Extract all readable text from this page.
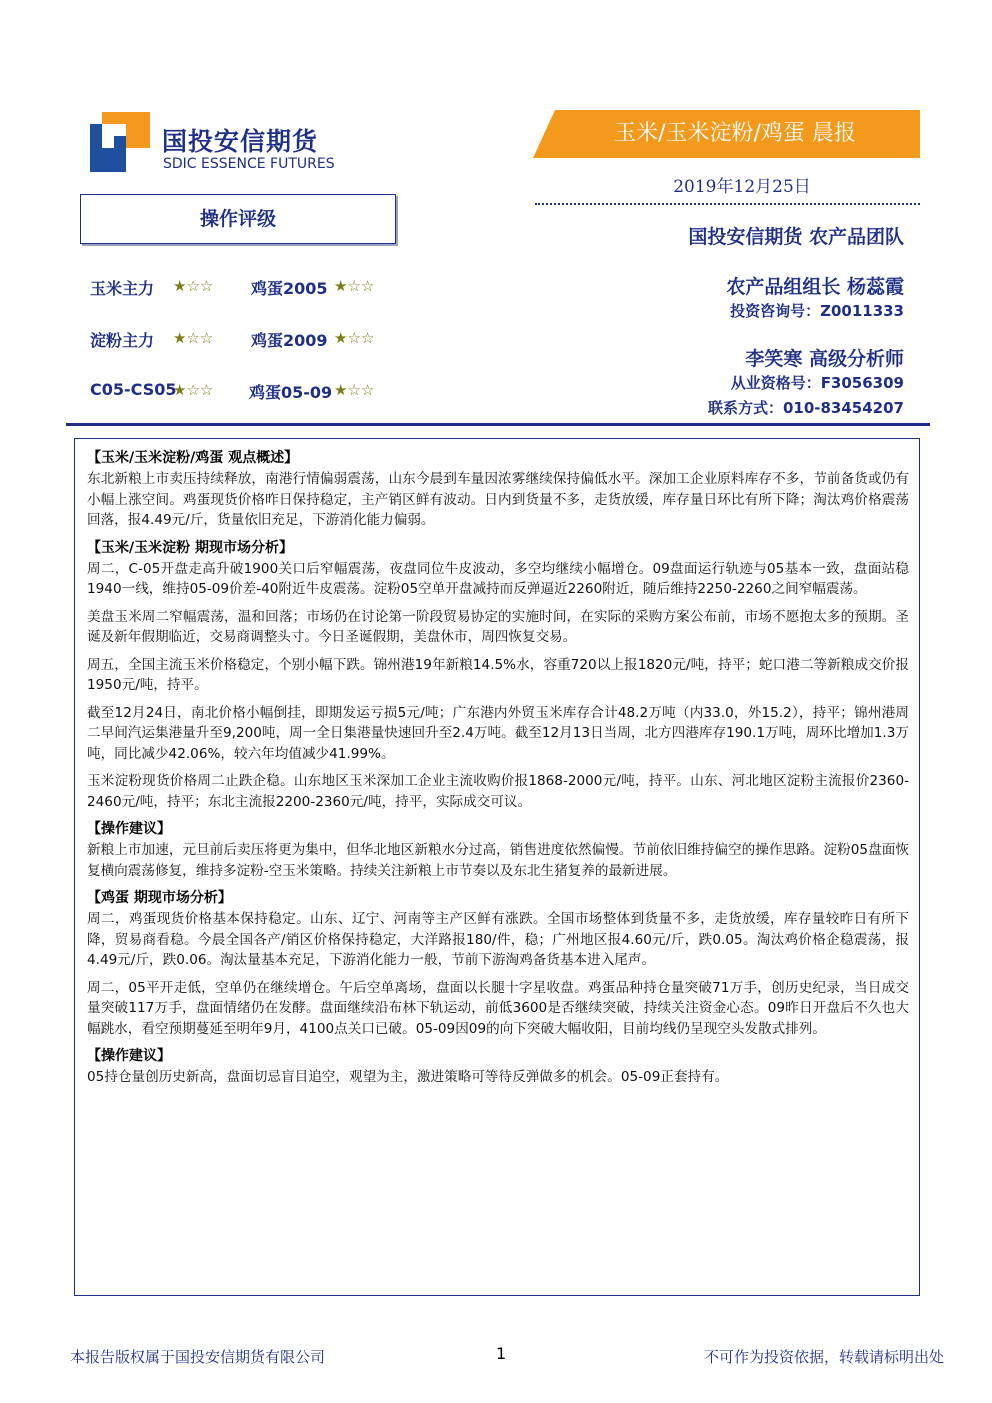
国投安信期货
SDIC ESSENCE FUTURES
玉米/玉米淀粉/鸡蛋 晨报
2019年12月25日
国投安信期货 农产品团队
农产品组组长 杨蕊霞
投资咨询号：Z0011333
李笑寒 高级分析师
从业资格号：F3056309
联系方式：010-83454207
操作评级
玉米主力 ★☆☆ 鸡蛋2005 ★☆☆
淀粉主力 ★☆☆ 鸡蛋2009 ★☆☆
C05-CS05
★☆☆ 鸡蛋05-09 ★☆☆
【玉米/玉米淀粉/鸡蛋 观点概述】

东北新粮上市卖压持续释放，南港行情偏弱震荡，山东今晨到车量因浓雾继续保持偏低水平。深加工企业原料库存不多，节前备货或仍有小幅上涨空间。鸡蛋现货价格昨日保持稳定，主产销区鲜有波动。日内到货量不多，走货放缓，库存量日环比有所下降；淘汰鸡价格震荡回落，报4.49元/斤，货量依旧充足，下游消化能力偏弱。

【玉米/玉米淀粉 期现市场分析】

周二，C-05开盘走高升破1900关口后窄幅震荡，夜盘同位牛皮波动，多空均继续小幅增仓。09盘面运行轨迹与05基本一致，盘面站稳1940一线，维持05-09价差-40附近牛皮震荡。淀粉05空单开盘减持而反弹逼近2260附近，随后维持2250-2260之间窄幅震荡。

美盘玉米周二窄幅震荡，温和回落；市场仍在讨论第一阶段贸易协定的实施时间，在实际的采购方案公布前，市场不愿抱太多的预期。圣诞及新年假期临近，交易商调整头寸。今日圣诞假期，美盘休市，周四恢复交易。

周五，全国主流玉米价格稳定，个别小幅下跌。锦州港19年新粮14.5%水，容重720以上报1820元/吨，持平；蛇口港二等新粮成交价报1950元/吨，持平。

截至12月24日，南北价格小幅倒挂，即期发运亏损5元/吨；广东港内外贸玉米库存合计48.2万吨（内33.0，外15.2），持平；锦州港周二早间汽运集港量升至9,200吨，周一全日集港量快速回升至2.4万吨。截至12月13日当周，北方四港库存190.1万吨，周环比增加1.3万吨，同比减少42.06%，较六年均值减少41.99%。

玉米淀粉现货价格周二止跌企稳。山东地区玉米深加工企业主流收购价报1868-2000元/吨，持平。山东、河北地区淀粉主流报价2360-2460元/吨，持平；东北主流报2200-2360元/吨，持平，实际成交可议。

【操作建议】

新粮上市加速，元旦前后卖压将更为集中，但华北地区新粮水分过高，销售进度依然偏慢。节前依旧维持偏空的操作思路。淀粉05盘面恢复横向震荡修复，维持多淀粉-空玉米策略。持续关注新粮上市节奏以及东北生猪复养的最新进展。

【鸡蛋 期现市场分析】

周二，鸡蛋现货价格基本保持稳定。山东、辽宁、河南等主产区鲜有涨跌。全国市场整体到货量不多，走货放缓，库存量较昨日有所下降，贸易商看稳。今晨全国各产/销区价格保持稳定，大洋路报180/件，稳；广州地区报4.60元/斤，跌0.05。淘汰鸡价格企稳震荡，报4.49元/斤，跌0.06。淘汰量基本充足，下游消化能力一般，节前下游淘鸡备货基本进入尾声。

周二，05平开走低，空单仍在继续增仓。午后空单离场，盘面以长腿十字星收盘。鸡蛋品种持仓量突破71万手，创历史纪录，当日成交量突破117万手，盘面情绪仍在发酵。盘面继续沿布林下轨运动，前低3600是否继续突破，持续关注资金心态。09昨日开盘后不久也大幅跳水，看空预期蔓延至明年9月，4100点关口已破。05-09因09的向下突破大幅收阳，目前均线仍呈现空头发散式排列。

【操作建议】

05持仓量创历史新高，盘面切忌盲目追空，观望为主，激进策略可等待反弹做多的机会。05-09正套持有。

本报告版权属于国投安信期货有限公司	1	不可作为投资依据，转载请标明出处
